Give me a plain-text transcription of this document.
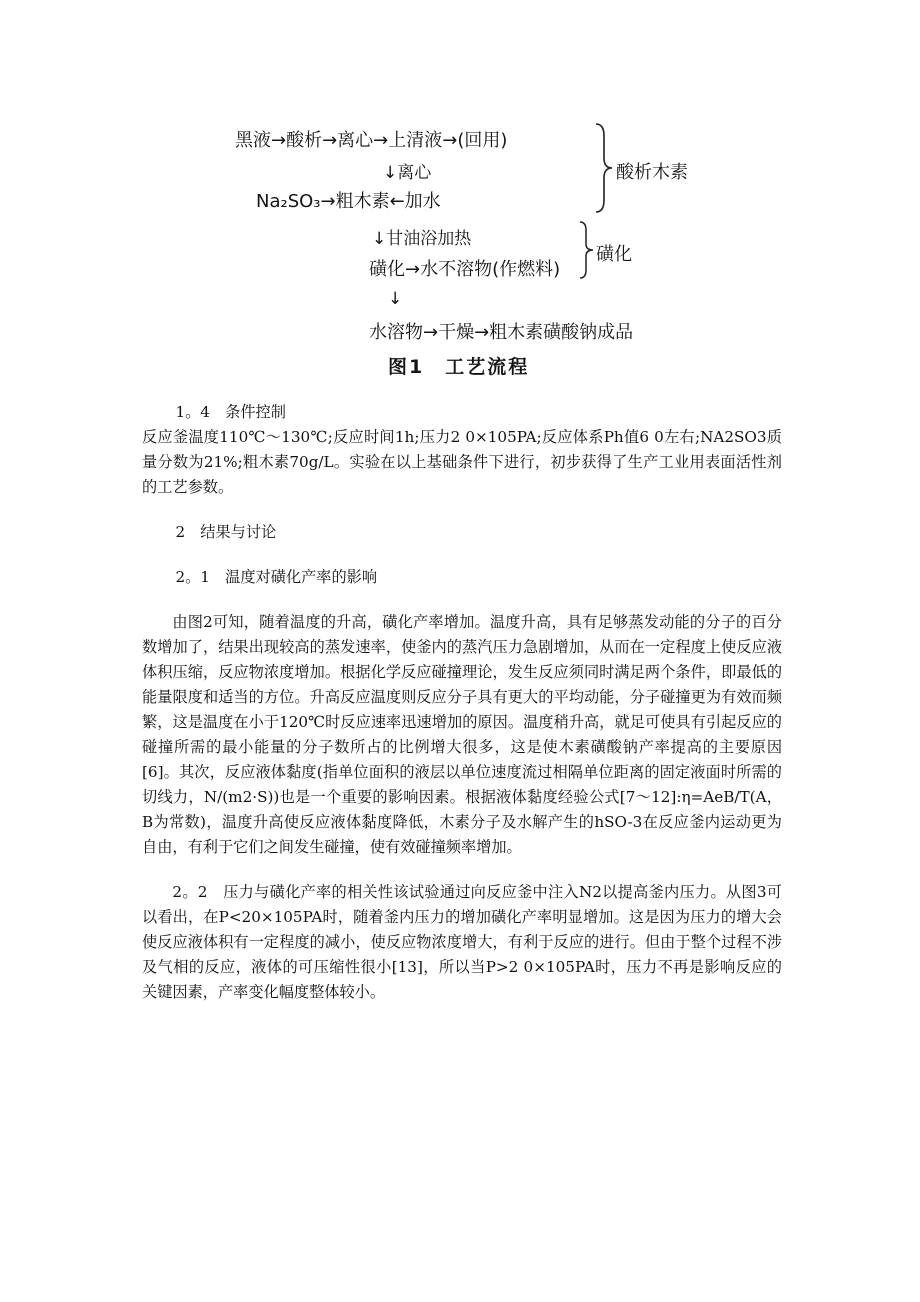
黑液→酸析→离心→上清液→(回用)
↓离心
Na₂SO₃→粗木素←加水
酸析木素
↓甘油浴加热
磺化→水不溶物(作燃料)
磺化
↓
水溶物→干燥→粗木素磺酸钠成品
图1　工艺流程

1。4　条件控制

反应釜温度110℃～130℃;反应时间1h;压力2 0×105PA;反应体系Ph值6 0左右;NA2SO3质量分数为21%;粗木素70g/L。实验在以上基础条件下进行，初步获得了生产工业用表面活性剂的工艺参数。

2　结果与讨论

2。1　温度对磺化产率的影响

由图2可知，随着温度的升高，磺化产率增加。温度升高，具有足够蒸发动能的分子的百分数增加了，结果出现较高的蒸发速率，使釜内的蒸汽压力急剧增加，从而在一定程度上使反应液体积压缩，反应物浓度增加。根据化学反应碰撞理论，发生反应须同时满足两个条件，即最低的能量限度和适当的方位。升高反应温度则反应分子具有更大的平均动能，分子碰撞更为有效而频繁，这是温度在小于120℃时反应速率迅速增加的原因。温度稍升高，就足可使具有引起反应的碰撞所需的最小能量的分子数所占的比例增大很多，这是使木素磺酸钠产率提高的主要原因[6]。其次，反应液体黏度(指单位面积的液层以单位速度流过相隔单位距离的固定液面时所需的切线力，N/(m2·S))也是一个重要的影响因素。根据液体黏度经验公式[7～12]:η=AeB/T(A，B为常数)，温度升高使反应液体黏度降低，木素分子及水解产生的hSO-3在反应釜内运动更为自由，有利于它们之间发生碰撞，使有效碰撞频率增加。

2。2　压力与磺化产率的相关性该试验通过向反应釜中注入N2以提高釜内压力。从图3可以看出，在P<20×105PA时，随着釜内压力的增加磺化产率明显增加。这是因为压力的增大会使反应液体积有一定程度的减小，使反应物浓度增大，有利于反应的进行。但由于整个过程不涉及气相的反应，液体的可压缩性很小[13]，所以当P>2 0×105PA时，压力不再是影响反应的关键因素，产率变化幅度整体较小。
